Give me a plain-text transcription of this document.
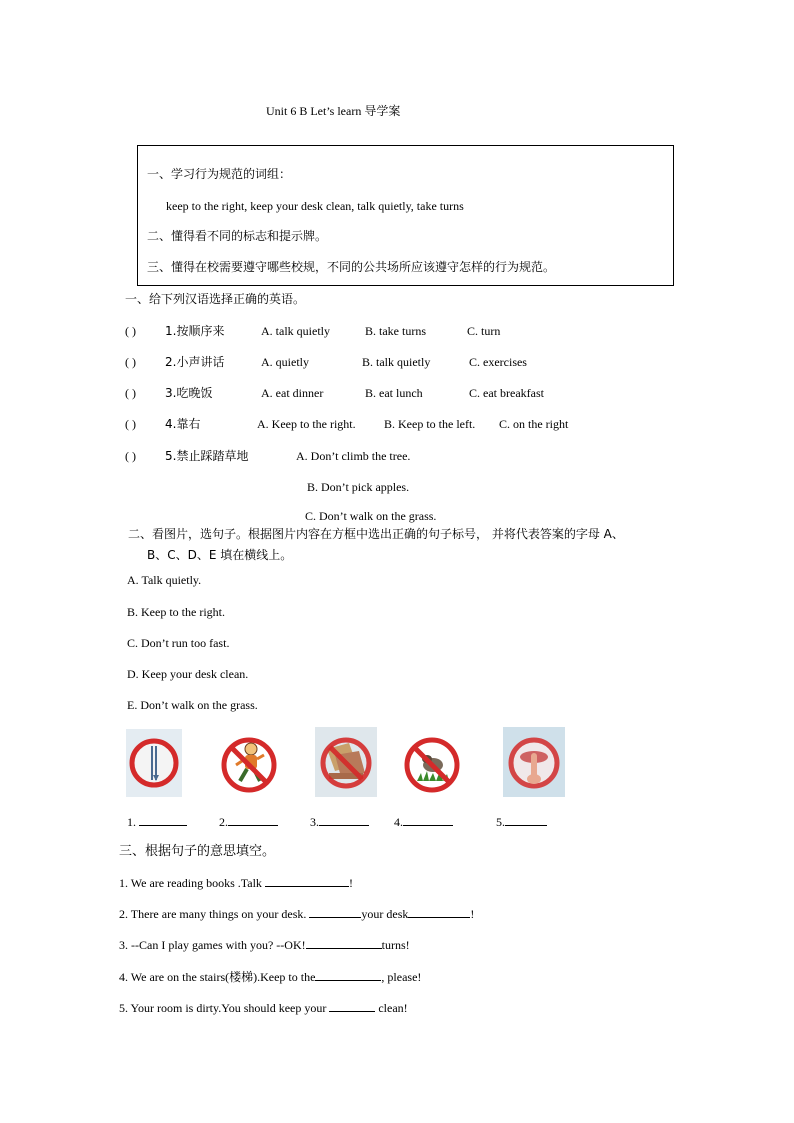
Unit 6 B Let’s learn 导学案
一、学习行为规范的词组：
keep to the right, keep your desk clean, talk quietly, take turns
二、懂得看不同的标志和提示牌。
三、懂得在校需要遵守哪些校规，不同的公共场所应该遵守怎样的行为规范。
一、给下列汉语选择正确的英语。
( ) 1.按顺序来	A. talk quietly	B. take turns	C. turn
( ) 2.小声讲话	A. quietly	B. talk quietly	C. exercises
( ) 3.吃晚饭	A. eat dinner	B. eat lunch	C. eat breakfast
( ) 4.靠右	A. Keep to the right. B. Keep to the left. C. on the right
( ) 5.禁止踩踏草地	A. Don’t climb the tree.
B. Don’t pick apples.
C. Don’t walk on the grass.
二、看图片，选句子。根据图片内容在方框中选出正确的句子标号， 并将代表答案的字母 A、
B、C、D、E 填在横线上。
A. Talk quietly.
B. Keep to the right.
C. Don’t run too fast.
D. Keep your desk clean.
E. Don’t walk on the grass.
1.	2.	3.	4.	5.
三、根据句子的意思填空。
1. We are reading books .Talk	!
2. There are many things on your desk.	your desk	!
3. --Can I play games with you? --OK!	turns!
4. We are on the stairs(楼梯).Keep to the	, please!
5. Your room is dirty.You should keep your	clean!
